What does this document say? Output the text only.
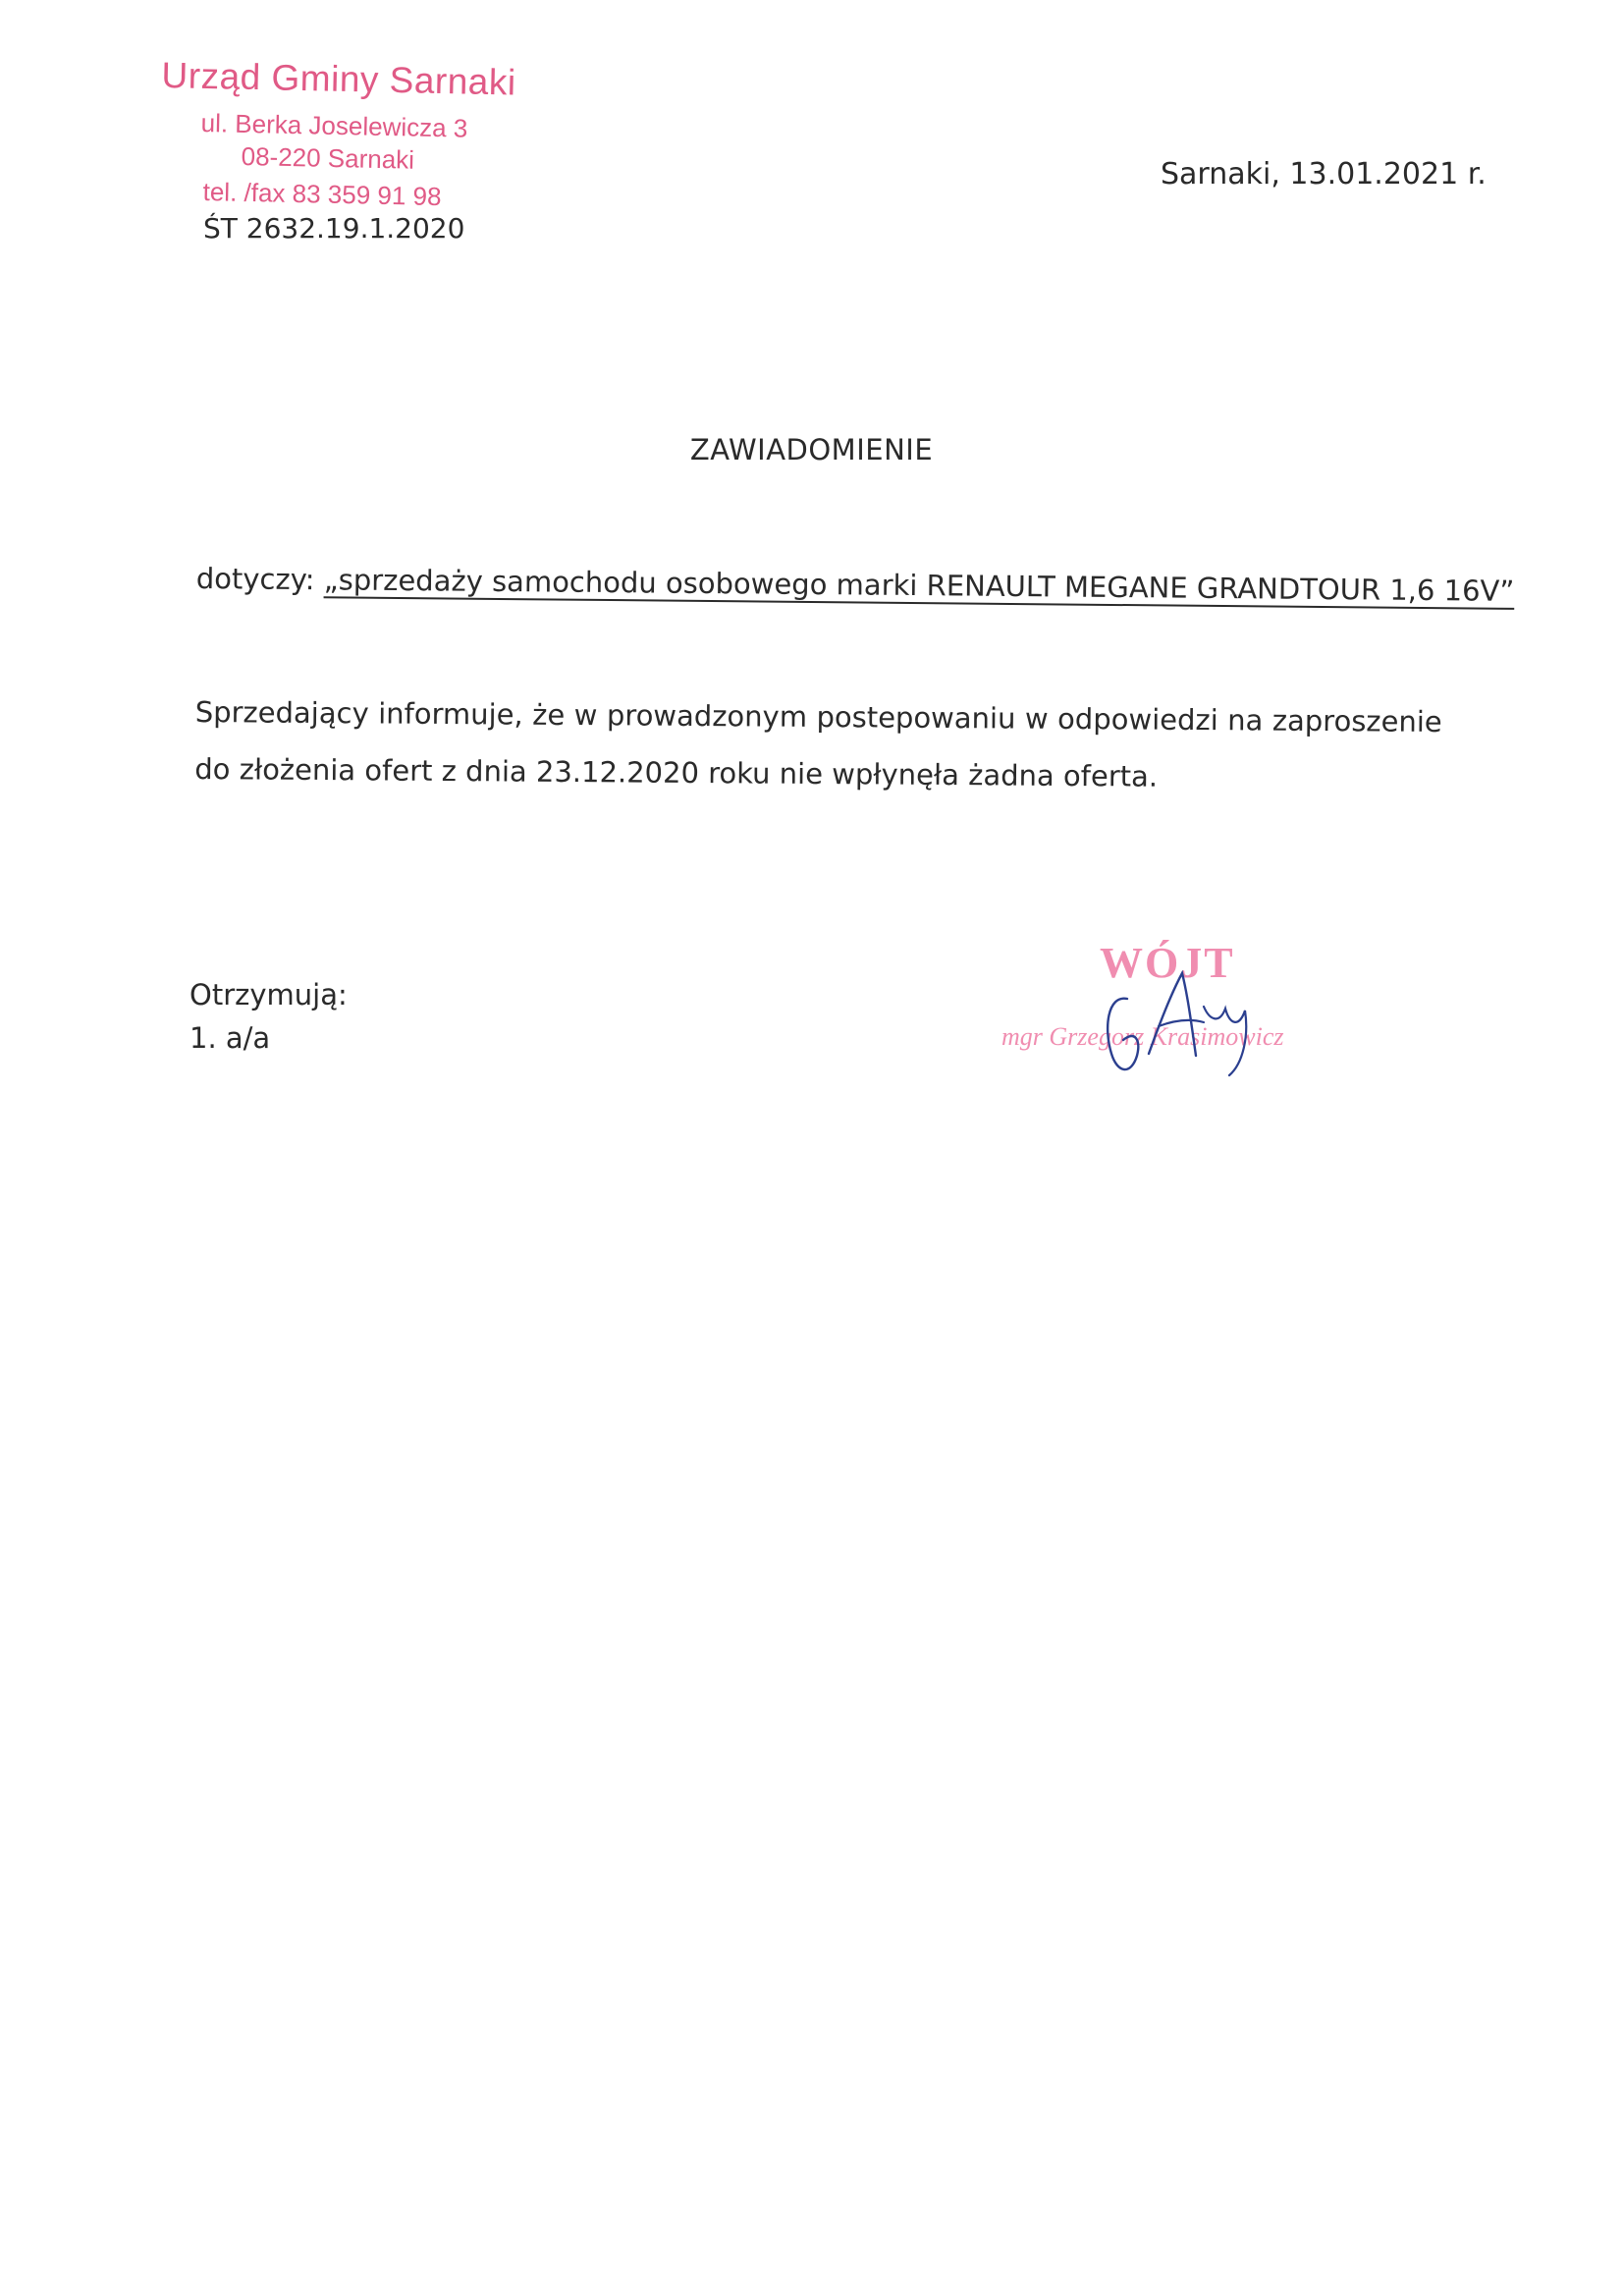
Urząd Gminy Sarnaki
ul. Berka Joselewicza 3
08-220 Sarnaki
tel. /fax 83 359 91 98
ŚT 2632.19.1.2020
Sarnaki, 13.01.2021 r.
ZAWIADOMIENIE
dotyczy: „sprzedaży samochodu osobowego marki RENAULT MEGANE GRANDTOUR 1,6 16V”
Sprzedający informuje, że w prowadzonym postepowaniu w odpowiedzi na zaproszenie
do złożenia ofert z dnia 23.12.2020 roku nie wpłynęła żadna oferta.
Otrzymują:
1. a/a
WÓJT
mgr Grzegorz Krasimowicz
